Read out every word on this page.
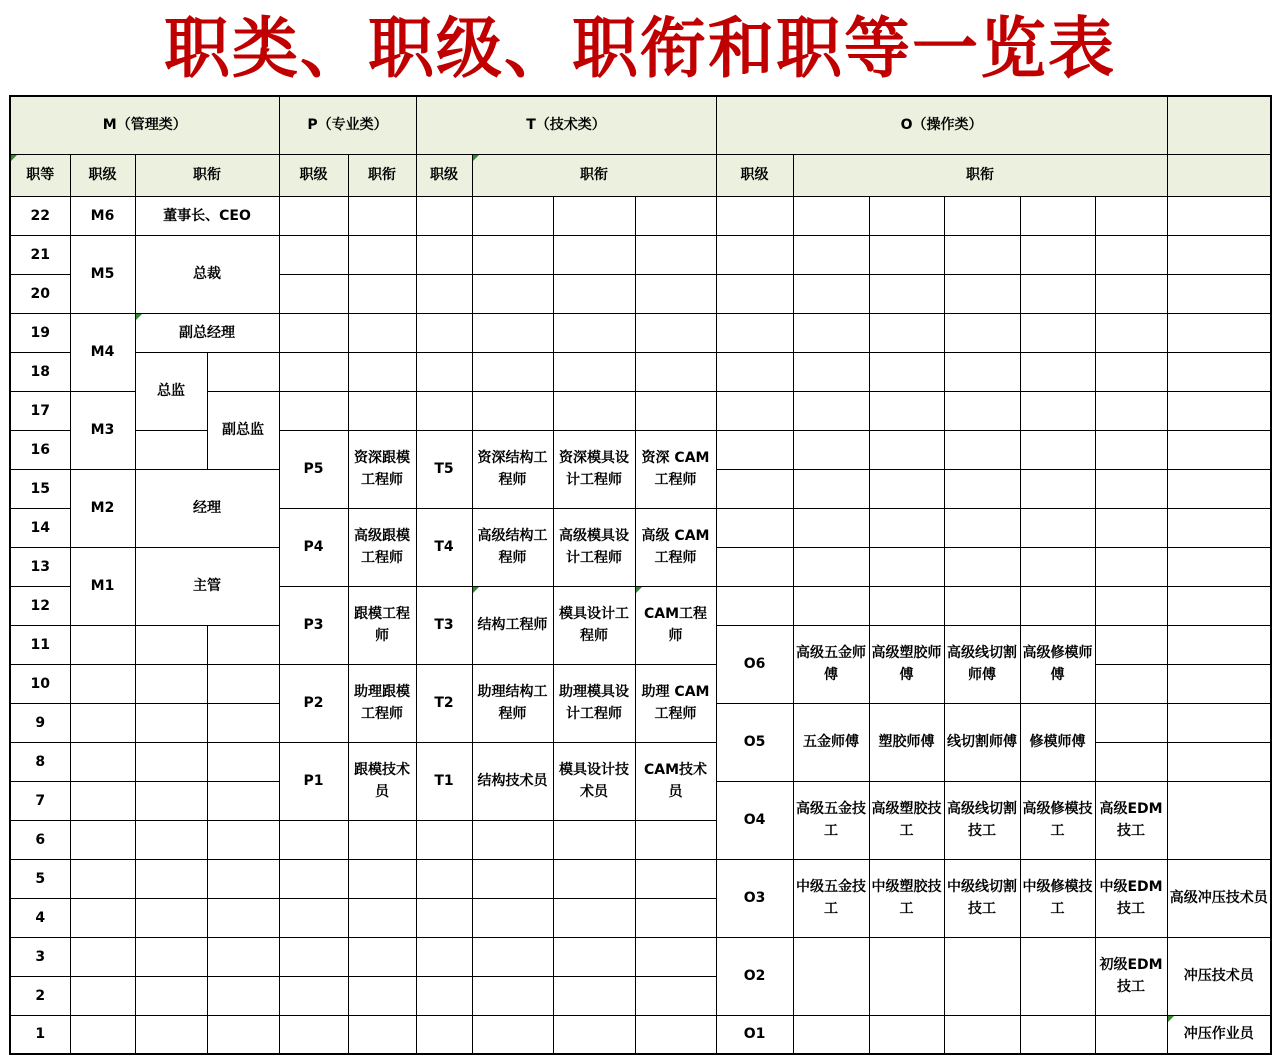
职类、职级、职衔和职等一览表
M（管理类）				P（专业类）		T（技术类）				O（操作类）						
职等	职级	职衔		职级	职衔	职级	职衔			职级	职衔					
22	M6	董事长、CEO														
21	M5	总裁														
20																
19	M4	副总经理														
18		总监														
17	M3		副总监													
16				P5	资深跟模工程师	T5	资深结构工程师	资深模具设计工程师	资深 CAM 工程师							
15	M2	经理														
14				P4	高级跟模工程师	T4	高级结构工程师	高级模具设计工程师	高级 CAM 工程师							
13	M1	主管														
12				P3	跟模工程师	T3	结构工程师	模具设计工程师	CAM工程师							
11										O6	高级五金师傅	高级塑胶师傅	高级线切割师傅	高级修模师傅		
10				P2	助理跟模工程师	T2	助理结构工程师	助理模具设计工程师	助理 CAM 工程师							
9										O5	五金师傅	塑胶师傅	线切割师傅	修模师傅		
8				P1	跟模技术员	T1	结构技术员	模具设计技术员	CAM技术员							
7										O4	高级五金技工	高级塑胶技工	高级线切割技工	高级修模技工	高级EDM技工	
6																
5										O3	中级五金技工	中级塑胶技工	中级线切割技工	中级修模技工	中级EDM技工	高级冲压技术员
4																
3										O2					初级EDM技工	冲压技术员
2																
1										O1						冲压作业员
